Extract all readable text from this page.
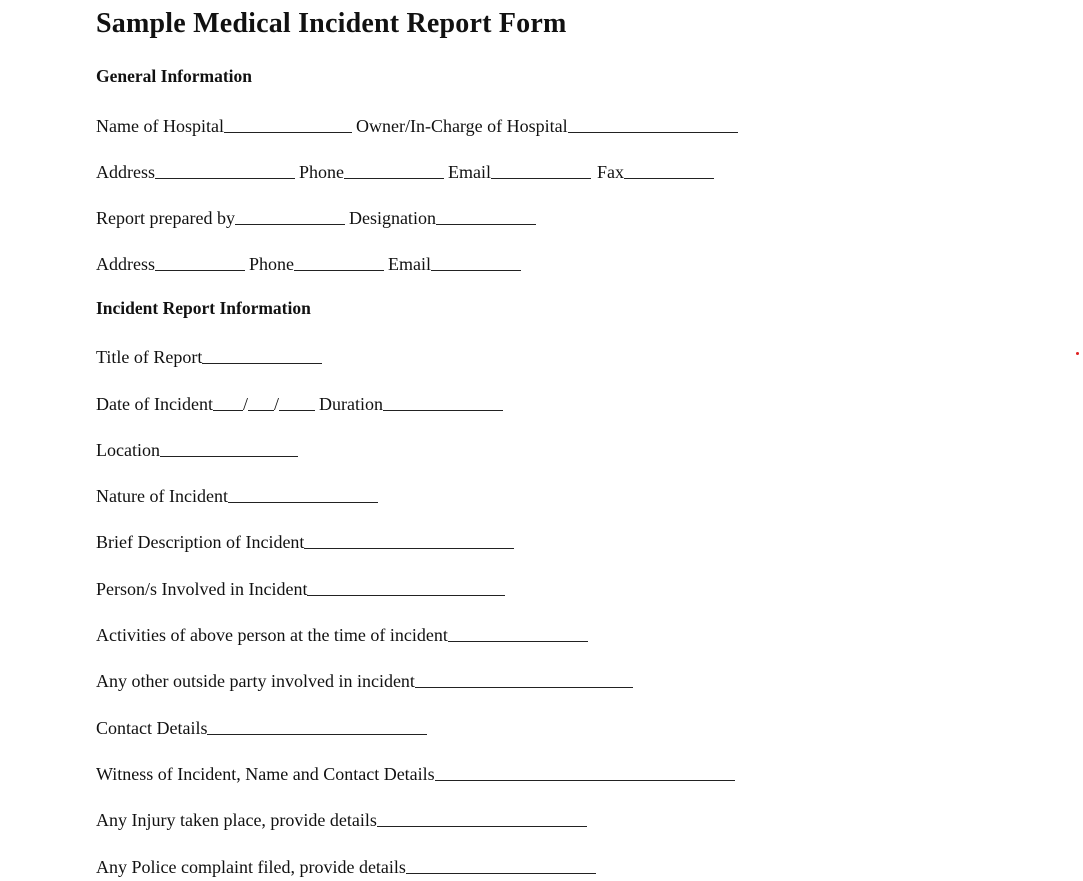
Sample Medical Incident Report Form
General Information
Name of Hospital	Owner/In-Charge of Hospital
Address	Phone	Email	Fax
Report prepared by	Designation
Address	Phone	Email
Incident Report Information
Title of Report
Date of Incident / / Duration
Location
Nature of Incident
Brief Description of Incident
Person/s Involved in Incident
Activities of above person at the time of incident
Any other outside party involved in incident
Contact Details
Witness of Incident, Name and Contact Details
Any Injury taken place, provide details
Any Police complaint filed, provide details
